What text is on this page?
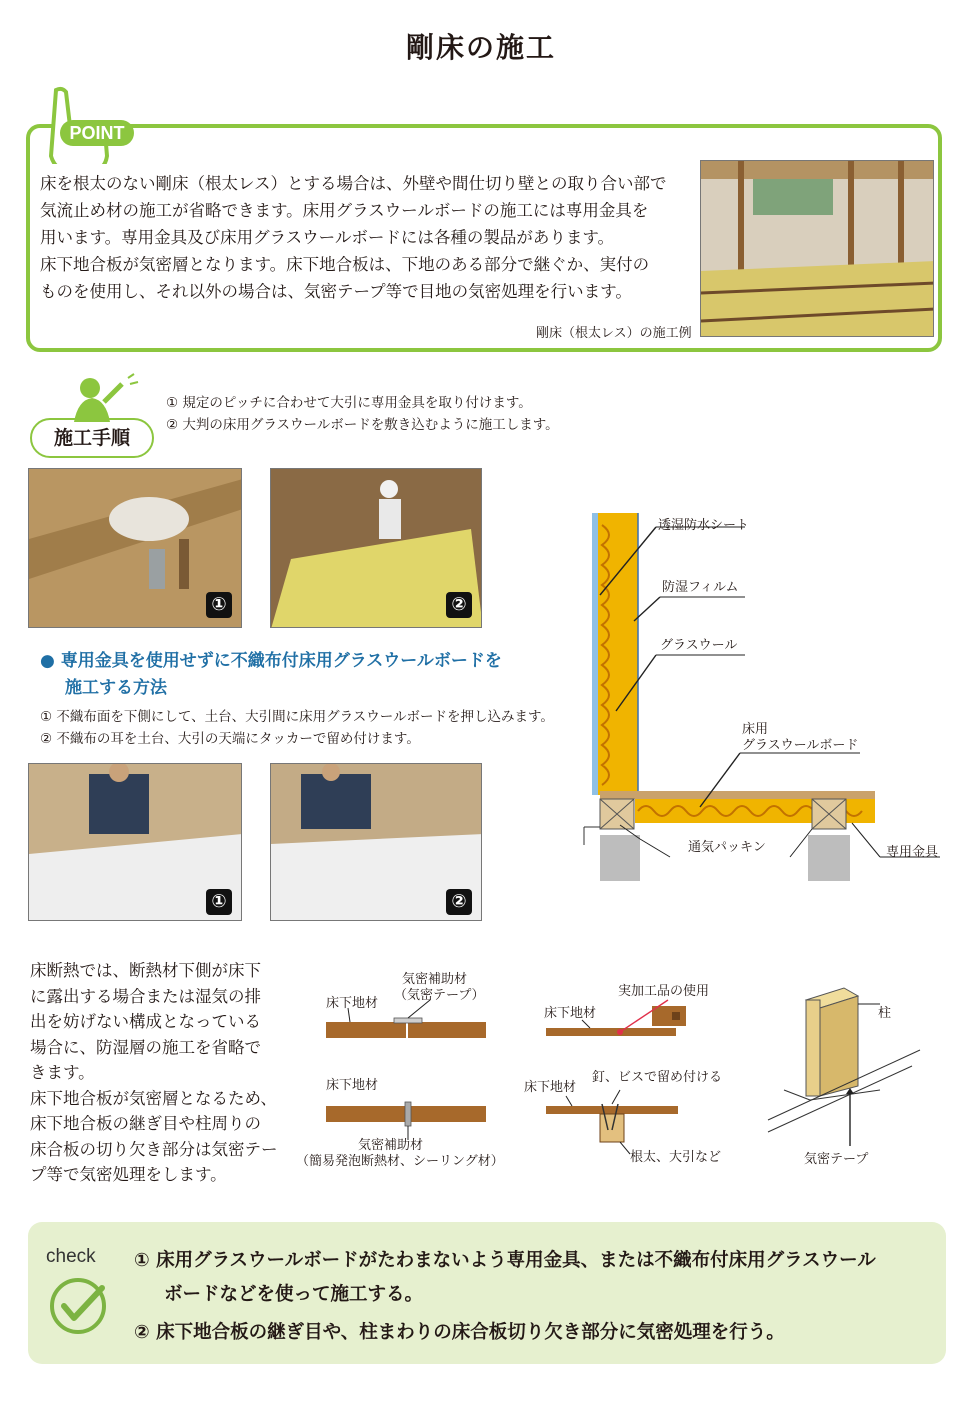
剛床の施工
POINT
床を根太のない剛床（根太レス）とする場合は、外壁や間仕切り壁との取り合い部で
気流止め材の施工が省略できます。床用グラスウールボードの施工には専用金具を
用います。専用金具及び床用グラスウールボードには各種の製品があります。
床下地合板が気密層となります。床下地合板は、下地のある部分で継ぐか、実付の
ものを使用し、それ以外の場合は、気密テープ等で目地の気密処理を行います。
剛床（根太レス）の施工例
施工手順
① 規定のピッチに合わせて大引に専用金具を取り付けます。
② 大判の床用グラスウールボードを敷き込むように施工します。
①	②
● 専用金具を使用せずに不織布付床用グラスウールボードを
施工する方法
① 不織布面を下側にして、土台、大引間に床用グラスウールボードを押し込みます。
② 不織布の耳を土台、大引の天端にタッカーで留め付けます。
①	②
透湿防水シート
防湿フィルム
グラスウール
床用
グラスウールボード
通気パッキン	専用金具
床断熱では、断熱材下側が床下
に露出する場合または湿気の排
出を妨げない構成となっている
場合に、防湿層の施工を省略で
きます。
床下地合板が気密層となるため、
床下地合板の継ぎ目や柱周りの
床合板の切り欠き部分は気密テー
プ等で気密処理をします。
床下地材
気密補助材
（気密テープ）
床下地材
気密補助材
（簡易発泡断熱材、シーリング材）
実加工品の使用
床下地材
釘、ビスで留め付ける
床下地材
根太、大引など
柱
気密テープ
check ① 床用グラスウールボードがたわまないよう専用金具、または不織布付床用グラスウール
ボードなどを使って施工する。
② 床下地合板の継ぎ目や、柱まわりの床合板切り欠き部分に気密処理を行う。
